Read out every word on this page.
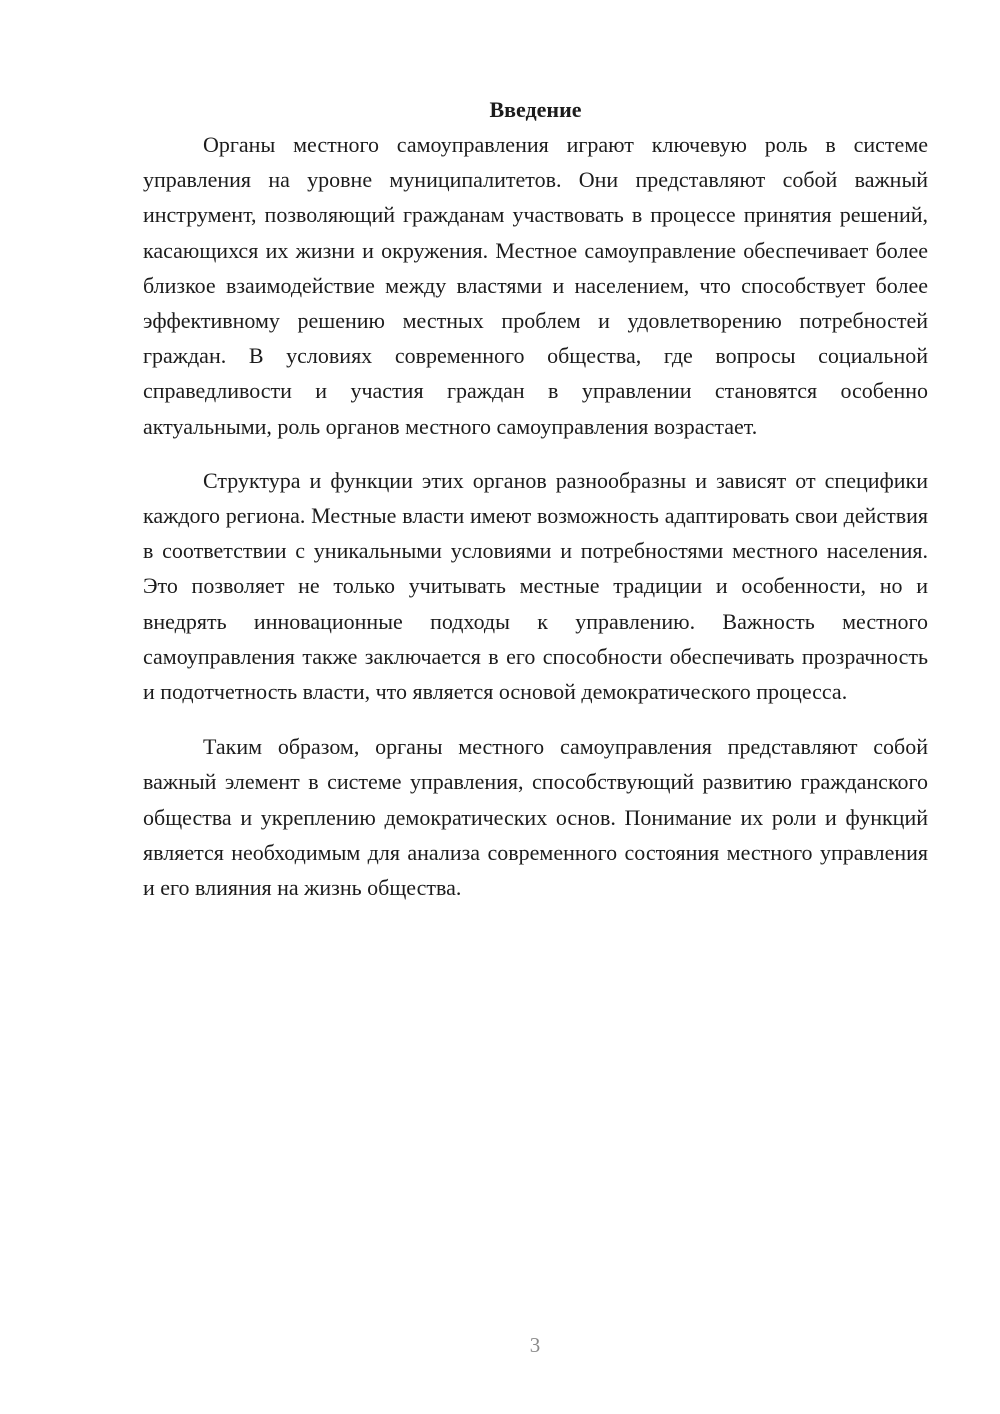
Введение

Органы местного самоуправления играют ключевую роль в системе управления на уровне муниципалитетов. Они представляют собой важный инструмент, позволяющий гражданам участвовать в процессе принятия решений, касающихся их жизни и окружения. Местное самоуправление обеспечивает более близкое взаимодействие между властями и населением, что способствует более эффективному решению местных проблем и удовлетворению потребностей граждан. В условиях современного общества, где вопросы социальной справедливости и участия граждан в управлении становятся особенно актуальными, роль органов местного самоуправления возрастает.

Структура и функции этих органов разнообразны и зависят от специфики каждого региона. Местные власти имеют возможность адаптировать свои действия в соответствии с уникальными условиями и потребностями местного населения. Это позволяет не только учитывать местные традиции и особенности, но и внедрять инновационные подходы к управлению. Важность местного самоуправления также заключается в его способности обеспечивать прозрачность и подотчетность власти, что является основой демократического процесса.

Таким образом, органы местного самоуправления представляют собой важный элемент в системе управления, способствующий развитию гражданского общества и укреплению демократических основ. Понимание их роли и функций является необходимым для анализа современного состояния местного управления и его влияния на жизнь общества.

3
